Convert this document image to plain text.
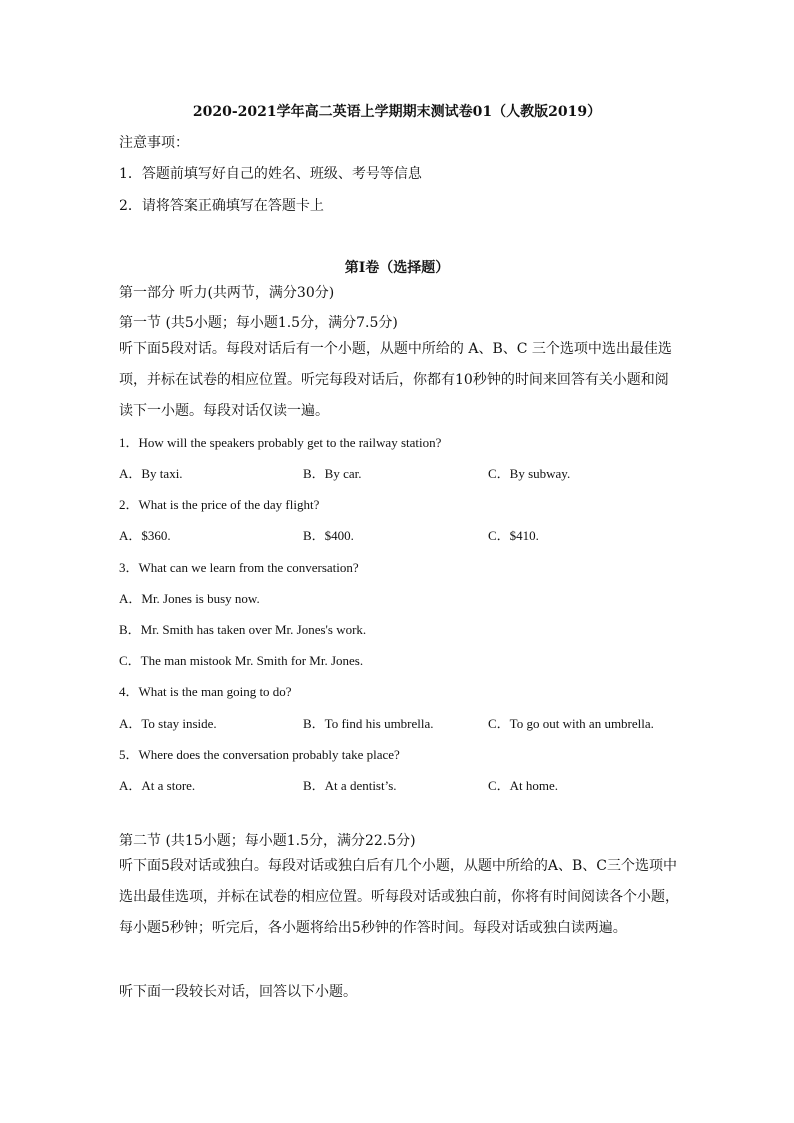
2020-2021学年高二英语上学期期末测试卷01（人教版2019）
注意事项：
1．答题前填写好自己的姓名、班级、考号等信息
2．请将答案正确填写在答题卡上
第I卷（选择题）
第一部分 听力(共两节，满分30分)
第一节 (共5小题；每小题1.5分，满分7.5分)
听下面5段对话。每段对话后有一个小题，从题中所给的 A、B、C 三个选项中选出最佳选项，并标在试卷的相应位置。听完每段对话后，你都有10秒钟的时间来回答有关小题和阅读下一小题。每段对话仅读一遍。
1．How will the speakers probably get to the railway station?
A．By taxi.	B．By car.	C．By subway.
2．What is the price of the day flight?
A．$360.	B．$400.	C．$410.
3．What can we learn from the conversation?
A．Mr. Jones is busy now.
B．Mr. Smith has taken over Mr. Jones's work.
C．The man mistook Mr. Smith for Mr. Jones.
4．What is the man going to do?
A．To stay inside.	B．To find his umbrella.	C．To go out with an umbrella.
5．Where does the conversation probably take place?
A．At a store.	B．At a dentist’s.	C．At home.
第二节 (共15小题；每小题1.5分，满分22.5分)
听下面5段对话或独白。每段对话或独白后有几个小题，从题中所给的A、B、C三个选项中选出最佳选项，并标在试卷的相应位置。听每段对话或独白前，你将有时间阅读各个小题，每小题5秒钟；听完后，各小题将给出5秒钟的作答时间。每段对话或独白读两遍。
听下面一段较长对话，回答以下小题。
